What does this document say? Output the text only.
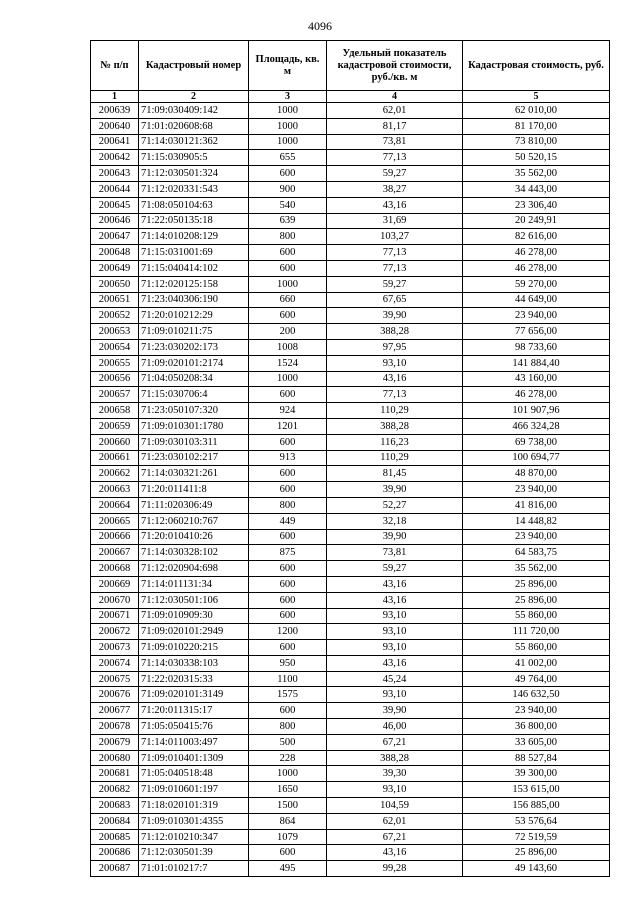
4096
№ п/п	Кадастровый номер	Площадь, кв. м	Удельный показатель кадастровой стоимости, руб./кв. м	Кадастровая стоимость, руб.
1	2	3	4	5
200639	71:09:030409:142	1000	62,01	62 010,00
200640	71:01:020608:68	1000	81,17	81 170,00
200641	71:14:030121:362	1000	73,81	73 810,00
200642	71:15:030905:5	655	77,13	50 520,15
200643	71:12:030501:324	600	59,27	35 562,00
200644	71:12:020331:543	900	38,27	34 443,00
200645	71:08:050104:63	540	43,16	23 306,40
200646	71:22:050135:18	639	31,69	20 249,91
200647	71:14:010208:129	800	103,27	82 616,00
200648	71:15:031001:69	600	77,13	46 278,00
200649	71:15:040414:102	600	77,13	46 278,00
200650	71:12:020125:158	1000	59,27	59 270,00
200651	71:23:040306:190	660	67,65	44 649,00
200652	71:20:010212:29	600	39,90	23 940,00
200653	71:09:010211:75	200	388,28	77 656,00
200654	71:23:030202:173	1008	97,95	98 733,60
200655	71:09:020101:2174	1524	93,10	141 884,40
200656	71:04:050208:34	1000	43,16	43 160,00
200657	71:15:030706:4	600	77,13	46 278,00
200658	71:23:050107:320	924	110,29	101 907,96
200659	71:09:010301:1780	1201	388,28	466 324,28
200660	71:09:030103:311	600	116,23	69 738,00
200661	71:23:030102:217	913	110,29	100 694,77
200662	71:14:030321:261	600	81,45	48 870,00
200663	71:20:011411:8	600	39,90	23 940,00
200664	71:11:020306:49	800	52,27	41 816,00
200665	71:12:060210:767	449	32,18	14 448,82
200666	71:20:010410:26	600	39,90	23 940,00
200667	71:14:030328:102	875	73,81	64 583,75
200668	71:12:020904:698	600	59,27	35 562,00
200669	71:14:011131:34	600	43,16	25 896,00
200670	71:12:030501:106	600	43,16	25 896,00
200671	71:09:010909:30	600	93,10	55 860,00
200672	71:09:020101:2949	1200	93,10	111 720,00
200673	71:09:010220:215	600	93,10	55 860,00
200674	71:14:030338:103	950	43,16	41 002,00
200675	71:22:020315:33	1100	45,24	49 764,00
200676	71:09:020101:3149	1575	93,10	146 632,50
200677	71:20:011315:17	600	39,90	23 940,00
200678	71:05:050415:76	800	46,00	36 800,00
200679	71:14:011003:497	500	67,21	33 605,00
200680	71:09:010401:1309	228	388,28	88 527,84
200681	71:05:040518:48	1000	39,30	39 300,00
200682	71:09:010601:197	1650	93,10	153 615,00
200683	71:18:020101:319	1500	104,59	156 885,00
200684	71:09:010301:4355	864	62,01	53 576,64
200685	71:12:010210:347	1079	67,21	72 519,59
200686	71:12:030501:39	600	43,16	25 896,00
200687	71:01:010217:7	495	99,28	49 143,60
